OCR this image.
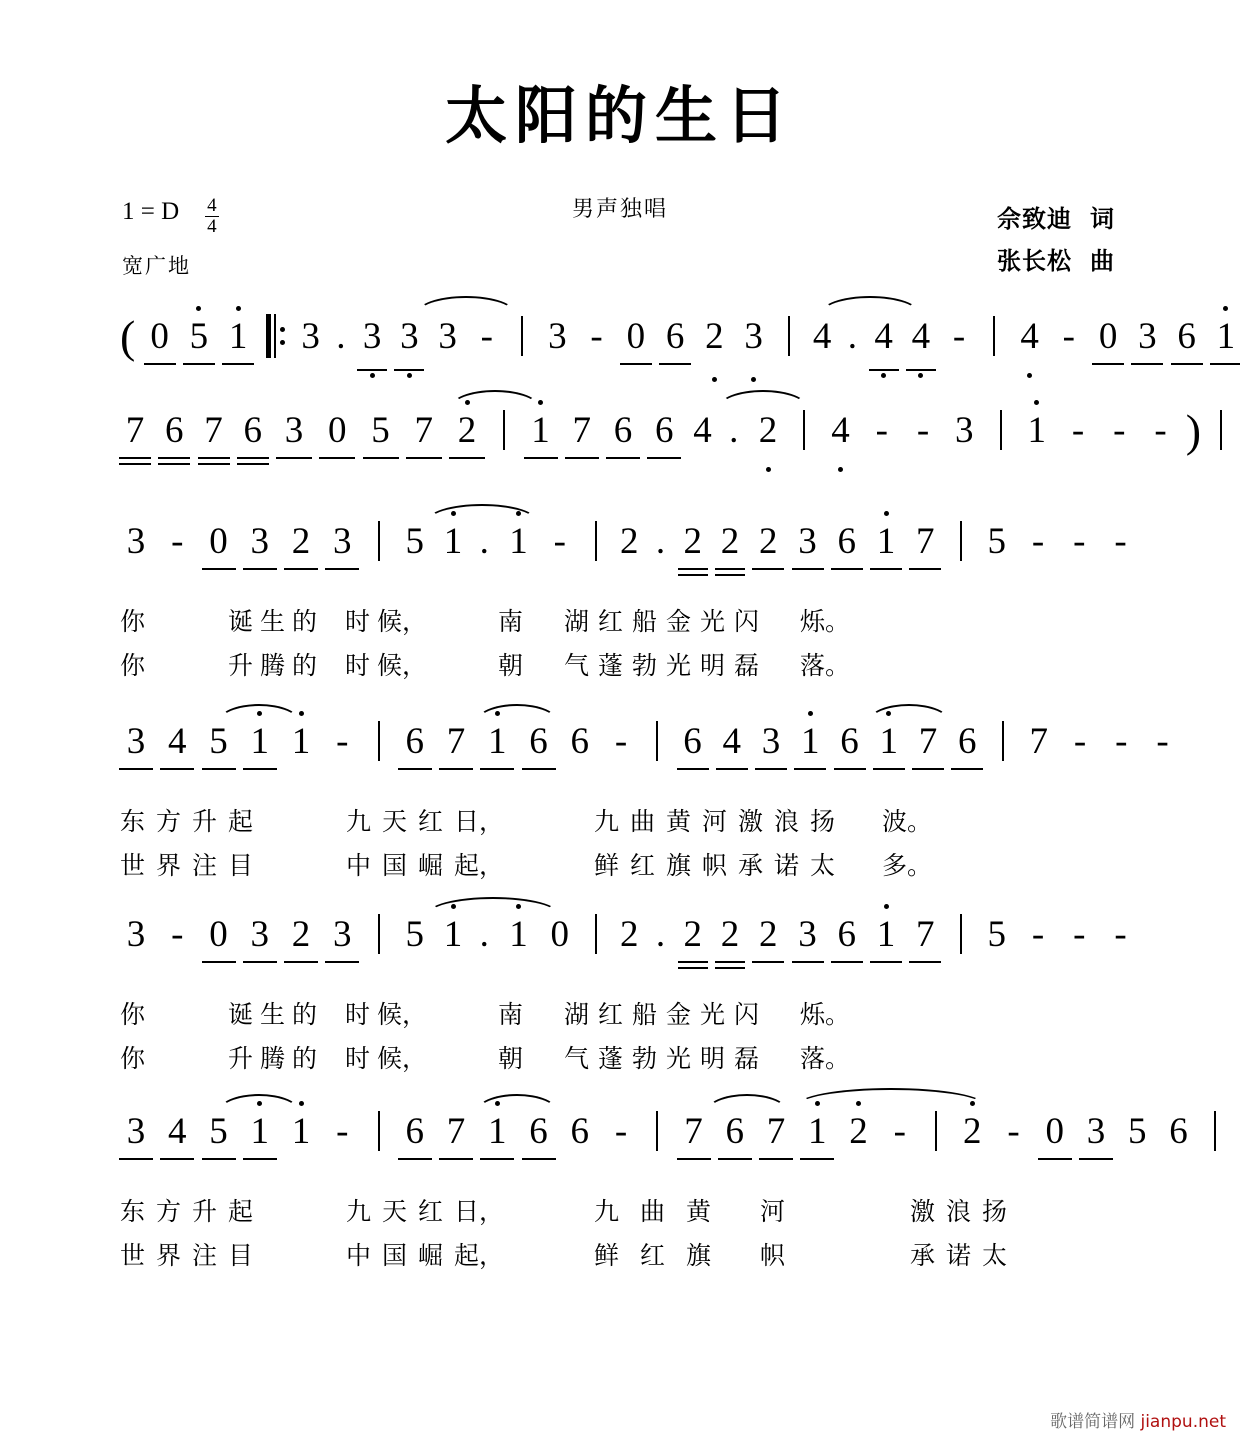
太阳的生日
男声独唱
1 = D $\frac{4}{4}$
宽广地
佘致迪 词
张长松 曲
( 0 5 1 3 . 3 3 3 - 3 - 0 6 2 3 4 . 4 4 - 4 - 0 3 6 1
7 6 7 6 3 0 5 7 2 1 7 6 6 4 . 2 4 - - 3 1 - - - )
3 - 0 3 2 3 5 1 . 1 - 2 . 2 2 2 3 6 1 7 5 - - -
你	诞 生 的 时 候，	南 湖 红 船 金 光 闪 烁。
你	升 腾 的 时 候，	朝 气 蓬 勃 光 明 磊 落。
3 4 5 1 1 - 6 7 1 6 6 - 6 4 3 1 6 1 7 6 7 - - -
东 方 升 起	九 天 红 日，	九 曲 黄 河 激 浪 扬 波。
世 界 注 目	中 国 崛 起，	鲜 红 旗 帜 承 诺 太 多。
3 - 0 3 2 3 5 1 . 1 0 2 . 2 2 2 3 6 1 7 5 - - -
你	诞 生 的 时 候，	南 湖 红 船 金 光 闪 烁。
你	升 腾 的 时 候，	朝 气 蓬 勃 光 明 磊 落。
3 4 5 1 1 - 6 7 1 6 6 - 7 6 7 1 2 - 2 - 0 3 5 6
东 方 升 起	九 天 红 日，	九 曲 黄 河	激 浪 扬
世 界 注 目	中 国 崛 起，	鲜 红 旗 帜	承 诺 太
歌谱简谱网 jianpu.net
